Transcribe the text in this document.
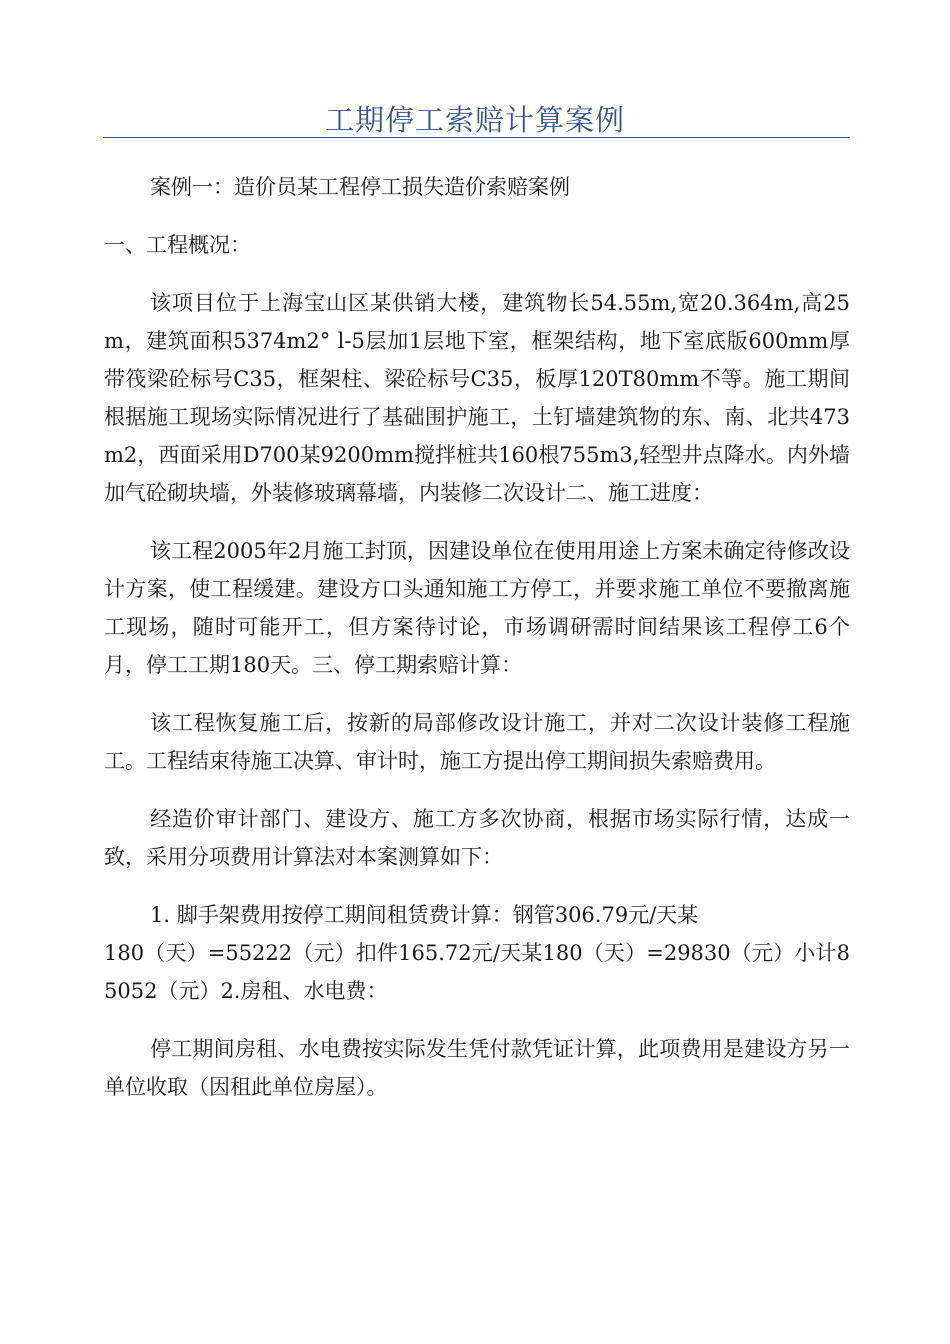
工期停工索赔计算案例

案例一：造价员某工程停工损失造价索赔案例

一、工程概况：

该项目位于上海宝山区某供销大楼，建筑物长54.55m,宽20.364m,高25m，建筑面积5374m2° l-5层加1层地下室，框架结构，地下室底版600mm厚带筏梁砼标号C35，框架柱、梁砼标号C35，板厚120T80mm不等。施工期间根据施工现场实际情况进行了基础围护施工，土钉墙建筑物的东、南、北共473m2，西面采用D700某9200mm搅拌桩共160根755m3,轻型井点降水。内外墙加气砼砌块墙，外装修玻璃幕墙，内装修二次设计二、施工进度：

该工程2005年2月施工封顶，因建设单位在使用用途上方案未确定待修改设计方案，使工程缓建。建设方口头通知施工方停工，并要求施工单位不要撤离施工现场，随时可能开工，但方案待讨论，市场调研需时间结果该工程停工6个月，停工工期180天。三、停工期索赔计算：

该工程恢复施工后，按新的局部修改设计施工，并对二次设计装修工程施工。工程结束待施工决算、审计时，施工方提出停工期间损失索赔费用。

经造价审计部门、建设方、施工方多次协商，根据市场实际行情，达成一致，采用分项费用计算法对本案测算如下：

1. 脚手架费用按停工期间租赁费计算：钢管306.79元/天某

180（天）=55222（元）扣件165.72元/天某180（天）=29830（元）小计85052（元）2.房租、水电费：

停工期间房租、水电费按实际发生凭付款凭证计算，此项费用是建设方另一单位收取（因租此单位房屋）。
